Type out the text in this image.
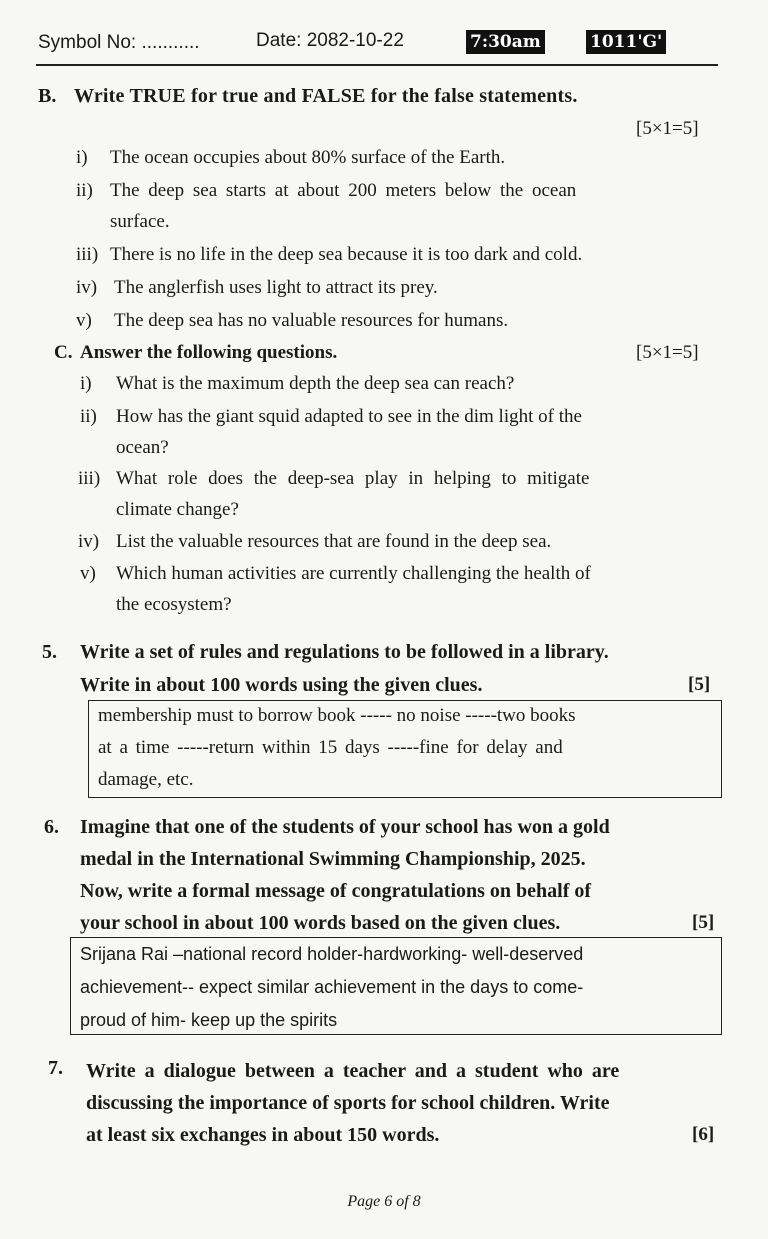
Symbol No: ...........	Date: 2082-10-22	7:30am	1011'G'
B. Write TRUE for true and FALSE for the false statements.
[5×1=5]
i) The ocean occupies about 80% surface of the Earth.
ii) The deep sea starts at about 200 meters below the ocean
surface.
iii) There is no life in the deep sea because it is too dark and cold.
iv) The anglerfish uses light to attract its prey.
v) The deep sea has no valuable resources for humans.
C. Answer the following questions.	[5×1=5]
i) What is the maximum depth the deep sea can reach?
ii) How has the giant squid adapted to see in the dim light of the
ocean?
iii) What role does the deep-sea play in helping to mitigate
climate change?
iv) List the valuable resources that are found in the deep sea.
v) Which human activities are currently challenging the health of
the ecosystem?
5. Write a set of rules and regulations to be followed in a library.
Write in about 100 words using the given clues.	[5]
membership must to borrow book ----- no noise -----two books
at a time -----return within 15 days -----fine for delay and
damage, etc.
6. Imagine that one of the students of your school has won a gold
medal in the International Swimming Championship, 2025.
Now, write a formal message of congratulations on behalf of
your school in about 100 words based on the given clues.	[5]
Srijana Rai –national record holder-hardworking- well-deserved
achievement-- expect similar achievement in the days to come-
proud of him- keep up the spirits
7. Write a dialogue between a teacher and a student who are
discussing the importance of sports for school children. Write
at least six exchanges in about 150 words.	[6]
Page 6 of 8
